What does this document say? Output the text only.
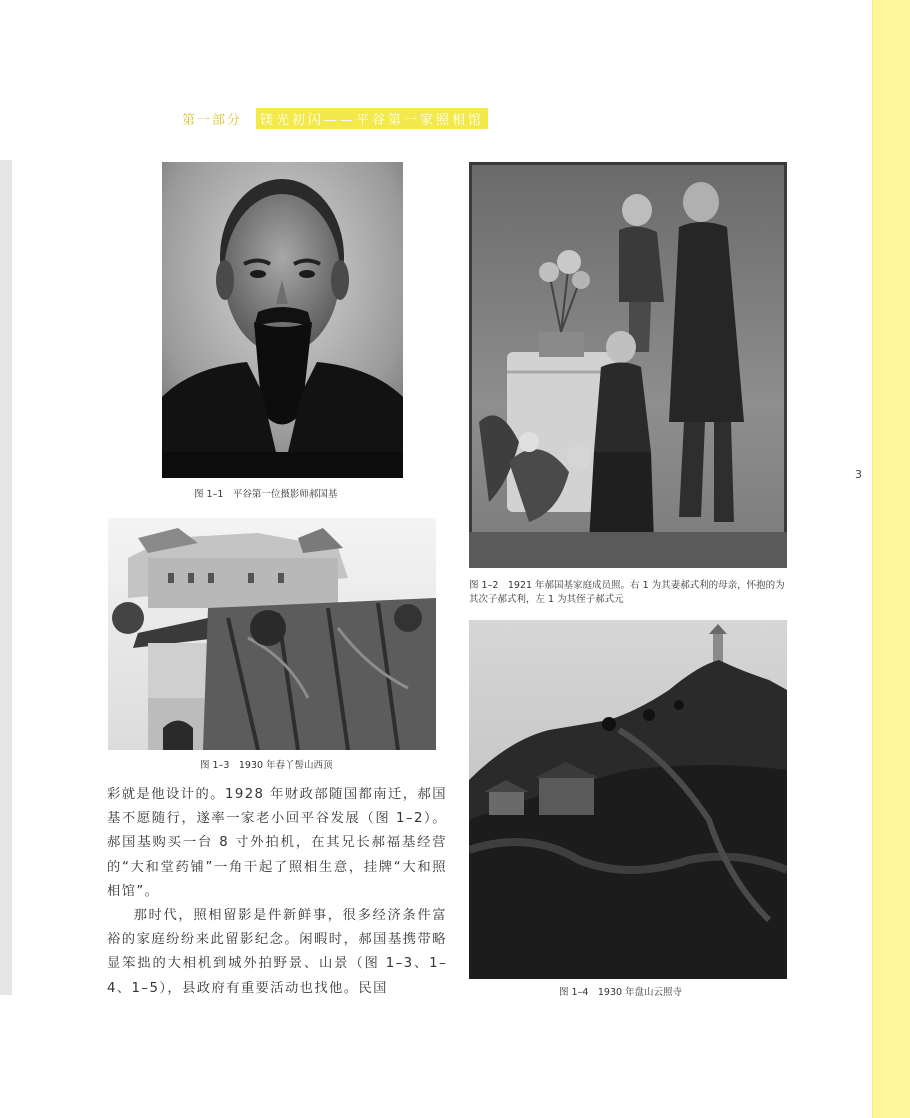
第一部分	镁光初闪——平谷第一家照相馆
3
图 1–1　平谷第一位摄影师郝国基
图 1–2　1921 年郝国基家庭成员照。右 1 为其妻郝式利的母亲，怀抱的为其次子郝式利，左 1 为其侄子郝式元
图 1–3　1930 年春丫髻山西顶
图 1–4　1930 年盘山云照寺

彩就是他设计的。1928 年财政部随国都南迁，郝国基不愿随行，遂率一家老小回平谷发展（图 1–2）。郝国基购买一台 8 寸外拍机，在其兄长郝福基经营的“大和堂药铺”一角干起了照相生意，挂牌“大和照相馆”。

那时代，照相留影是件新鲜事，很多经济条件富裕的家庭纷纷来此留影纪念。闲暇时，郝国基携带略显笨拙的大相机到城外拍野景、山景（图 1–3、1–4、1–5），县政府有重要活动也找他。民国
